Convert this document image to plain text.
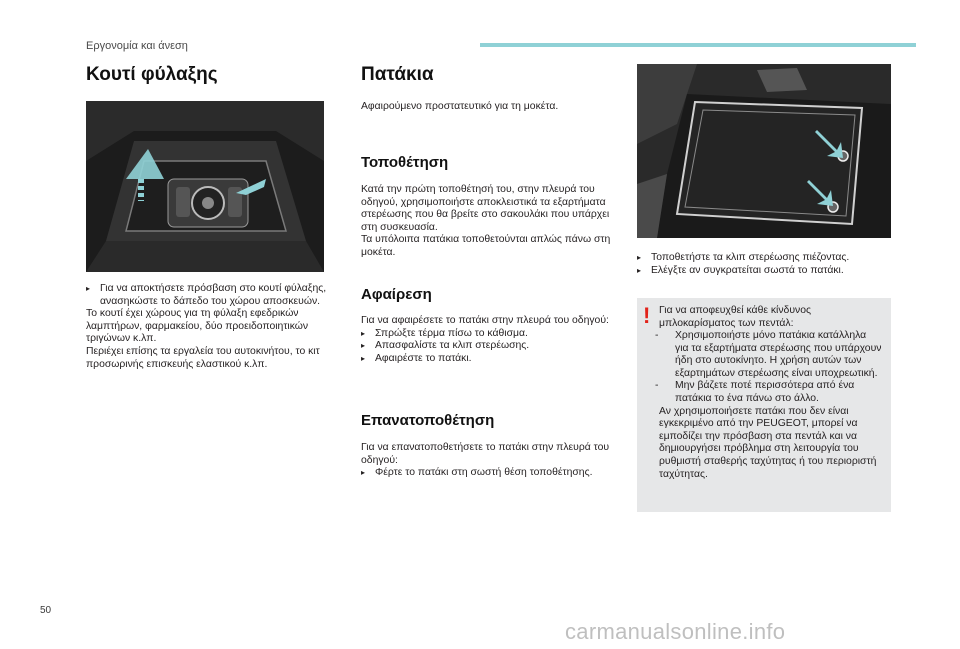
Εργονομία και άνεση
Κουτί φύλαξης
▸ Για να αποκτήσετε πρόσβαση στο κουτί φύλαξης, ανασηκώστε το δάπεδο του χώρου αποσκευών.
Το κουτί έχει χώρους για τη φύλαξη εφεδρικών
λαμπτήρων, φαρμακείου, δύο προειδοποιητικών
τριγώνων κ.λπ.
Περιέχει επίσης τα εργαλεία του αυτοκινήτου, το κιτ
προσωρινής επισκευής ελαστικού κ.λπ.
Πατάκια
Αφαιρούμενο προστατευτικό για τη μοκέτα.
Τοποθέτηση
Κατά την πρώτη τοποθέτησή του, στην πλευρά του
οδηγού, χρησιμοποιήστε αποκλειστικά τα εξαρτήματα
στερέωσης που θα βρείτε στο σακουλάκι που υπάρχει
στη συσκευασία.
Τα υπόλοιπα πατάκια τοποθετούνται απλώς πάνω στη
μοκέτα.
Αφαίρεση
Για να αφαιρέσετε το πατάκι στην πλευρά του οδηγού:
▸ Σπρώξτε τέρμα πίσω το κάθισμα.
▸ Απασφαλίστε τα κλιπ στερέωσης.
▸ Αφαιρέστε το πατάκι.
Επανατοποθέτηση
Για να επανατοποθετήσετε το πατάκι στην πλευρά του
οδηγού:
▸ Φέρτε το πατάκι στη σωστή θέση τοποθέτησης.
▸ Τοποθετήστε τα κλιπ στερέωσης πιέζοντας.
▸ Ελέγξτε αν συγκρατείται σωστά το πατάκι.
! Για να αποφευχθεί κάθε κίνδυνος
μπλοκαρίσματος των πεντάλ:
- Χρησιμοποιήστε μόνο πατάκια κατάλληλα
για τα εξαρτήματα στερέωσης που υπάρχουν
ήδη στο αυτοκίνητο. Η χρήση αυτών των
εξαρτημάτων στερέωσης είναι υποχρεωτική.
- Μην βάζετε ποτέ περισσότερα από ένα
πατάκια το ένα πάνω στο άλλο.
Αν χρησιμοποιήσετε πατάκι που δεν είναι
εγκεκριμένο από την PEUGEOT, μπορεί να
εμποδίζει την πρόσβαση στα πεντάλ και να
δημιουργήσει πρόβλημα στη λειτουργία του
ρυθμιστή σταθερής ταχύτητας ή του περιοριστή
ταχύτητας.
50
carmanualsonline.info
